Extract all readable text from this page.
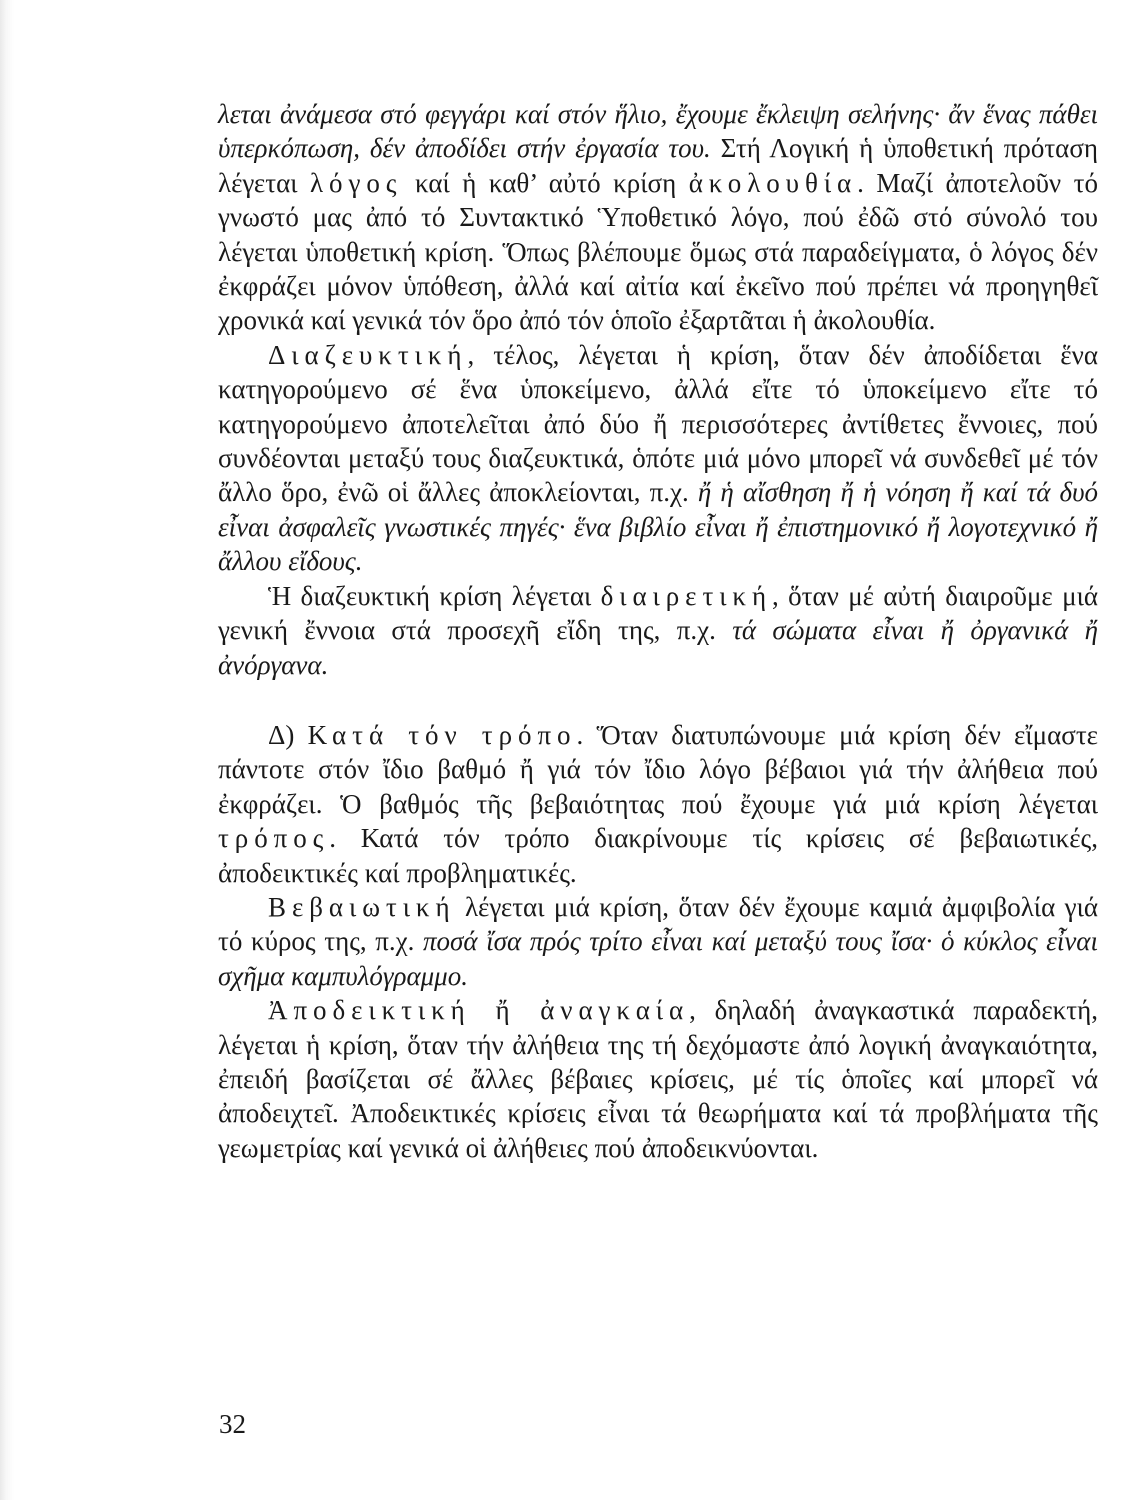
λεται ἀνάμεσα στό φεγγάρι καί στόν ἥλιο, ἔχουμε ἔκλειψη σελήνης· ἄν ἕνας πάθει ὑπερκόπωση, δέν ἀποδίδει στήν ἐργασία του. Στή Λογική ἡ ὑποθετική πρόταση λέγεται λόγος καί ἡ καθ’ αὐτό κρίση ἀκολουθία. Μαζί ἀποτελοῦν τό γνωστό μας ἀπό τό Συντακτικό Ὑποθετικό λόγο, πού ἐδῶ στό σύνολό του λέγεται ὑποθετική κρίση. Ὅπως βλέπουμε ὅμως στά παραδείγματα, ὁ λόγος δέν ἐκφράζει μόνον ὑπόθεση, ἀλλά καί αἰτία καί ἐκεῖνο πού πρέπει νά προηγηθεῖ χρονικά καί γενικά τόν ὅρο ἀπό τόν ὁποῖο ἐξαρτᾶται ἡ ἀκολουθία.

Διαζευκτική, τέλος, λέγεται ἡ κρίση, ὅταν δέν ἀποδίδεται ἕνα κατηγορούμενο σέ ἕνα ὑποκείμενο, ἀλλά εἴτε τό ὑποκείμενο εἴτε τό κατηγορούμενο ἀποτελεῖται ἀπό δύο ἤ περισσότερες ἀντίθετες ἔννοιες, πού συνδέονται μεταξύ τους διαζευκτικά, ὁπότε μιά μόνο μπορεῖ νά συνδεθεῖ μέ τόν ἄλλο ὅρο, ἐνῶ οἱ ἄλλες ἀποκλείονται, π.χ. ἤ ἡ αἴσθηση ἤ ἡ νόηση ἤ καί τά δυό εἶναι ἀσφαλεῖς γνωστικές πηγές· ἕνα βιβλίο εἶναι ἤ ἐπιστημονικό ἤ λογοτεχνικό ἤ ἄλλου εἴδους.

Ἡ διαζευκτική κρίση λέγεται διαιρετική, ὅταν μέ αὐτή διαιροῦμε μιά γενική ἔννοια στά προσεχῆ εἴδη της, π.χ. τά σώματα εἶναι ἤ ὀργανικά ἤ ἀνόργανα.

Δ) Κατά τόν τρόπο. Ὅταν διατυπώνουμε μιά κρίση δέν εἴμαστε πάντοτε στόν ἴδιο βαθμό ἤ γιά τόν ἴδιο λόγο βέβαιοι γιά τήν ἀλήθεια πού ἐκφράζει. Ὁ βαθμός τῆς βεβαιότητας πού ἔχουμε γιά μιά κρίση λέγεται τρόπος. Κατά τόν τρόπο διακρίνουμε τίς κρίσεις σέ βεβαιωτικές, ἀποδεικτικές καί προβληματικές.

Βεβαιωτική λέγεται μιά κρίση, ὅταν δέν ἔχουμε καμιά ἀμφιβολία γιά τό κύρος της, π.χ. ποσά ἴσα πρός τρίτο εἶναι καί μεταξύ τους ἴσα· ὁ κύκλος εἶναι σχῆμα καμπυλόγραμμο.

Ἀποδεικτική ἤ ἀναγκαία, δηλαδή ἀναγκαστικά παραδεκτή, λέγεται ἡ κρίση, ὅταν τήν ἀλήθεια της τή δεχόμαστε ἀπό λογική ἀναγκαιότητα, ἐπειδή βασίζεται σέ ἄλλες βέβαιες κρίσεις, μέ τίς ὁποῖες καί μπορεῖ νά ἀποδειχτεῖ. Ἀποδεικτικές κρίσεις εἶναι τά θεωρήματα καί τά προβλήματα τῆς γεωμετρίας καί γενικά οἱ ἀλήθειες πού ἀποδεικνύονται.

32
